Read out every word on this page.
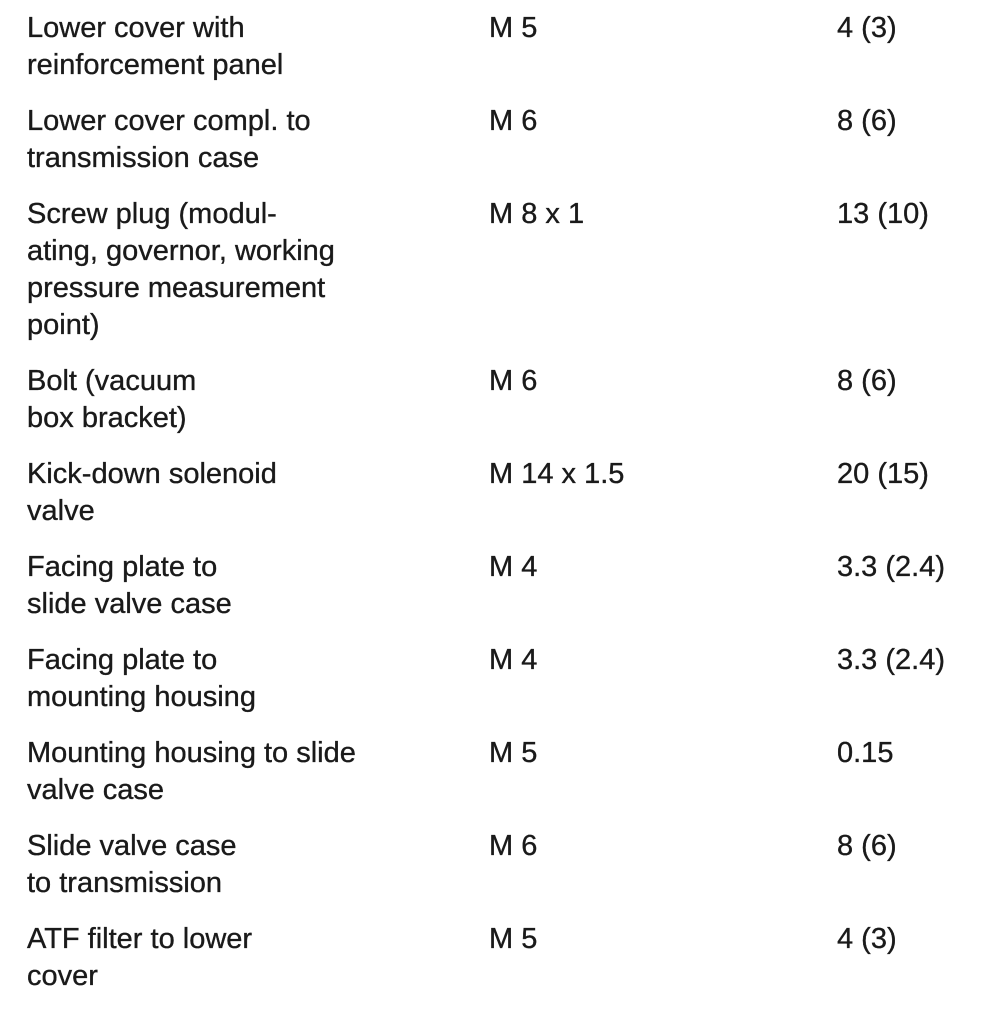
Lower cover with
reinforcement panel
M 5	4 (3)
Lower cover compl. to
transmission case
M 6	8 (6)
Screw plug (modul-
ating, governor, working
pressure measurement
point)
M 8 x 1	13 (10)
Bolt (vacuum
box bracket)
M 6	8 (6)
Kick-down solenoid
valve
M 14 x 1.5	20 (15)
Facing plate to
slide valve case
M 4	3.3 (2.4)
Facing plate to
mounting housing
M 4	3.3 (2.4)
Mounting housing to slide
valve case
M 5	0.15
Slide valve case
to transmission
M 6	8 (6)
ATF filter to lower
cover
M 5	4 (3)
